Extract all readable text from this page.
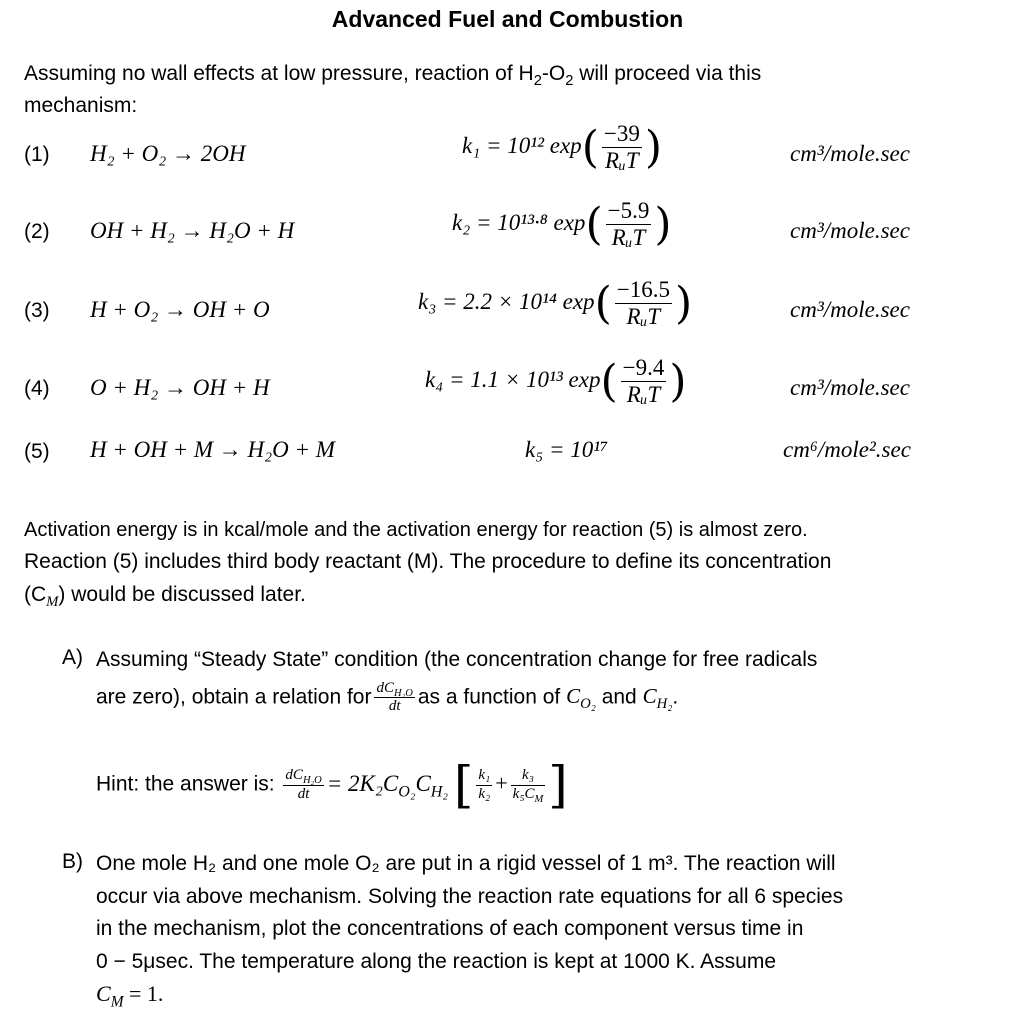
Advanced Fuel and Combustion
Assuming no wall effects at low pressure, reaction of $H_2-O_2$ will proceed via this
mechanism:
(1) H₂ + O₂ → 2OH	k₁ = 10¹² $\exp( \frac{-39}{\text{RᵤT}}$ )	cm³/mole.sec
(2) OH + H₂ → H₂O + H	k₂ = 10¹³·⁸ $\exp( \frac{-5.9}{\text{RᵤT}}$ )	cm³/mole.sec
(3) H + O₂ → OH + O	k₃ = 2.2 × 10¹⁴ $\exp( \frac{-16.5}{\text{RᵤT}}$ )	cm³/mole.sec
(4) O + H₂ → OH + H	k₄ = 1.1 × 10¹³ $\exp( \frac{-9.4}{\text{RᵤT}}$ )	cm³/mole.sec
(5) H + OH + M → H₂O + M	k₅ = 10¹⁷	cm⁶/mole².sec
Activation energy is in kcal/mole and the activation energy for reaction (5) is almost zero.
Reaction (5) includes third body reactant (M). The procedure to define its concentration
$(C_M)$ would be discussed later.
A) Assuming “Steady State” condition (the concentration change for free radicals
are zero), obtain a relation for $\frac{dC_{H_2O}}{dt}$ as a function of $C_{O_2}$ and $C_{H_2}$.
Hint: the answer is: $\frac{dC_{H_2O}}{dt} = 2K_2C_{O_2}C_{H_2}$ [ $\frac{\text{k₁}}{\text{k₂}} + \frac{\text{k₃}}{k_5C_M}$ ]
B) One mole H₂ and one mole O₂ are put in a rigid vessel of 1 m³. The reaction will
occur via above mechanism. Solving the reaction rate equations for all 6 species
in the mechanism, plot the concentrations of each component versus time in
0 − 5μsec. The temperature along the reaction is kept at 1000 K. Assume
$C_M = 1$.
